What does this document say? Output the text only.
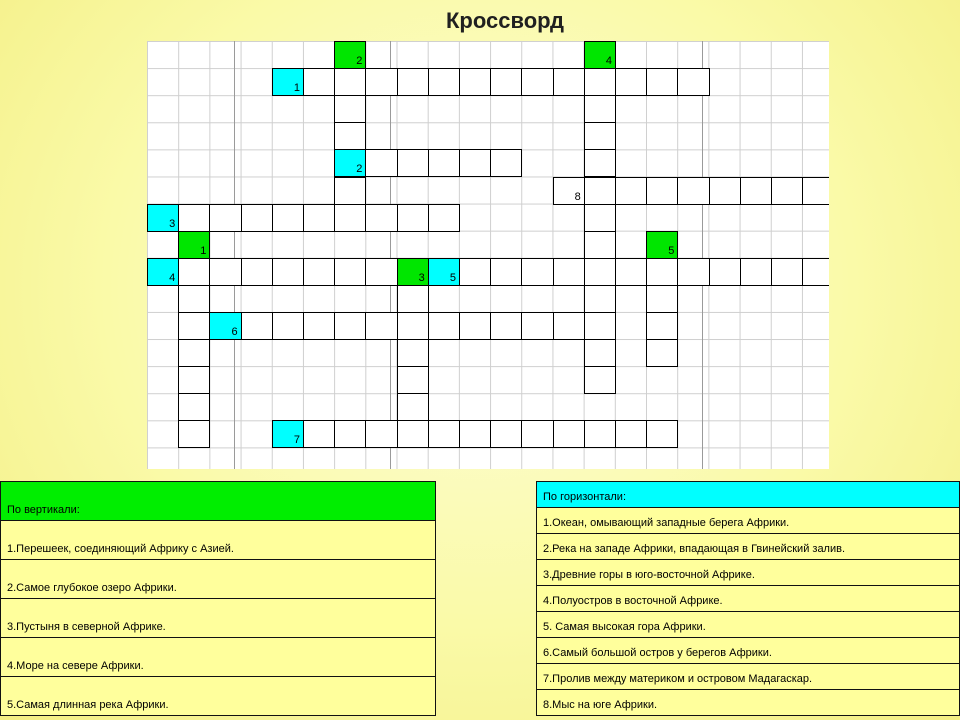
Кроссворд
2
2
4
1
8
3
4	3 5
1	5
6
7
По вертикали:
1.Перешеек, соединяющий Африку с Азией.
2.Самое глубокое озеро Африки.
3.Пустыня в северной Африке.
4.Море на севере Африки.
5.Самая длинная река Африки.
По горизонтали:
1.Океан, омывающий западные берега Африки.
2.Река на западе Африки, впадающая в Гвинейский залив.
3.Древние горы в юго-восточной Африке.
4.Полуостров в восточной Африке.
5. Самая высокая гора Африки.
6.Самый большой остров у берегов Африки.
7.Пролив между материком и островом Мадагаскар.
8.Мыс на юге Африки.
